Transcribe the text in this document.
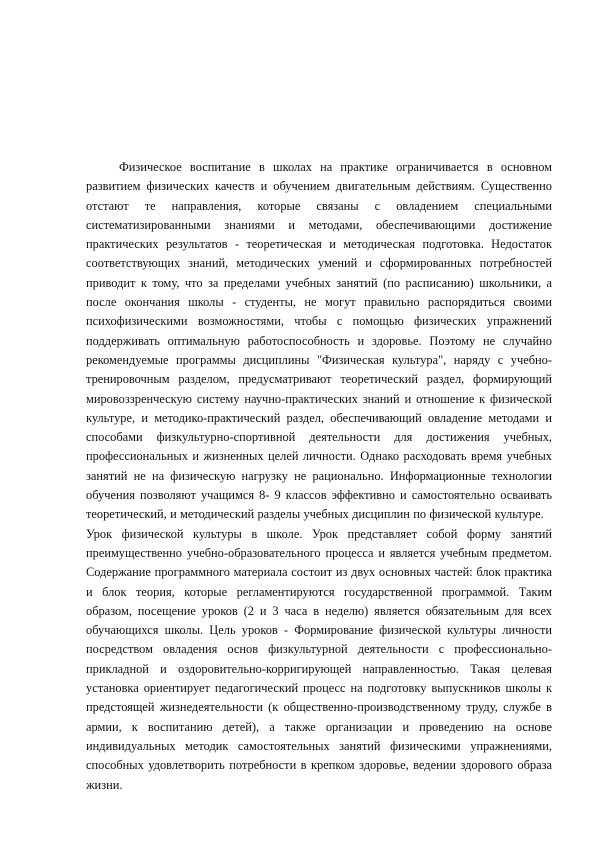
Физическое воспитание в школах на практике ограничивается в основном развитием физических качеств и обучением двигательным действиям. Существенно отстают те направления, которые связаны с овладением специальными систематизированными знаниями и методами, обеспечивающими достижение практических результатов - теоретическая и методическая подготовка. Недостаток соответствующих знаний, методических умений и сформированных потребностей приводит к тому, что за пределами учебных занятий (по расписанию) школьники, а после окончания школы - студенты, не могут правильно распорядиться своими психофизическими возможностями, чтобы с помощью физических упражнений поддерживать оптимальную работоспособность и здоровье. Поэтому не случайно рекомендуемые программы дисциплины "Физическая культура", наряду с учебно-тренировочным разделом, предусматривают теоретический раздел, формирующий мировоззренческую систему научно-практических знаний и отношение к физической культуре, и методико-практический раздел, обеспечивающий овладение методами и способами физкультурно-спортивной деятельности для достижения учебных, профессиональных и жизненных целей личности. Однако расходовать время учебных занятий не на физическую нагрузку не рационально. Информационные технологии обучения позволяют учащимся 8- 9 классов эффективно и самостоятельно осваивать теоретический, и методический разделы учебных дисциплин по физической культуре.

Урок физической культуры в школе. Урок представляет собой форму занятий преимущественно учебно-образовательного процесса и является учебным предметом. Содержание программного материала состоит из двух основных частей: блок практика и блок теория, которые регламентируются государственной программой. Таким образом, посещение уроков (2 и 3 часа в неделю) является обязательным для всех обучающихся школы. Цель уроков - Формирование физической культуры личности посредством овладения основ физкультурной деятельности с профессионально-прикладной и оздоровительно-корригирующей направленностью. Такая целевая установка ориентирует педагогический процесс на подготовку выпускников школы к предстоящей жизнедеятельности (к общественно-производственному труду, службе в армии, к воспитанию детей), а также организации и проведению на основе индивидуальных методик самостоятельных занятий физическими упражнениями, способных удовлетворить потребности в крепком здоровье, ведении здорового образа жизни.
